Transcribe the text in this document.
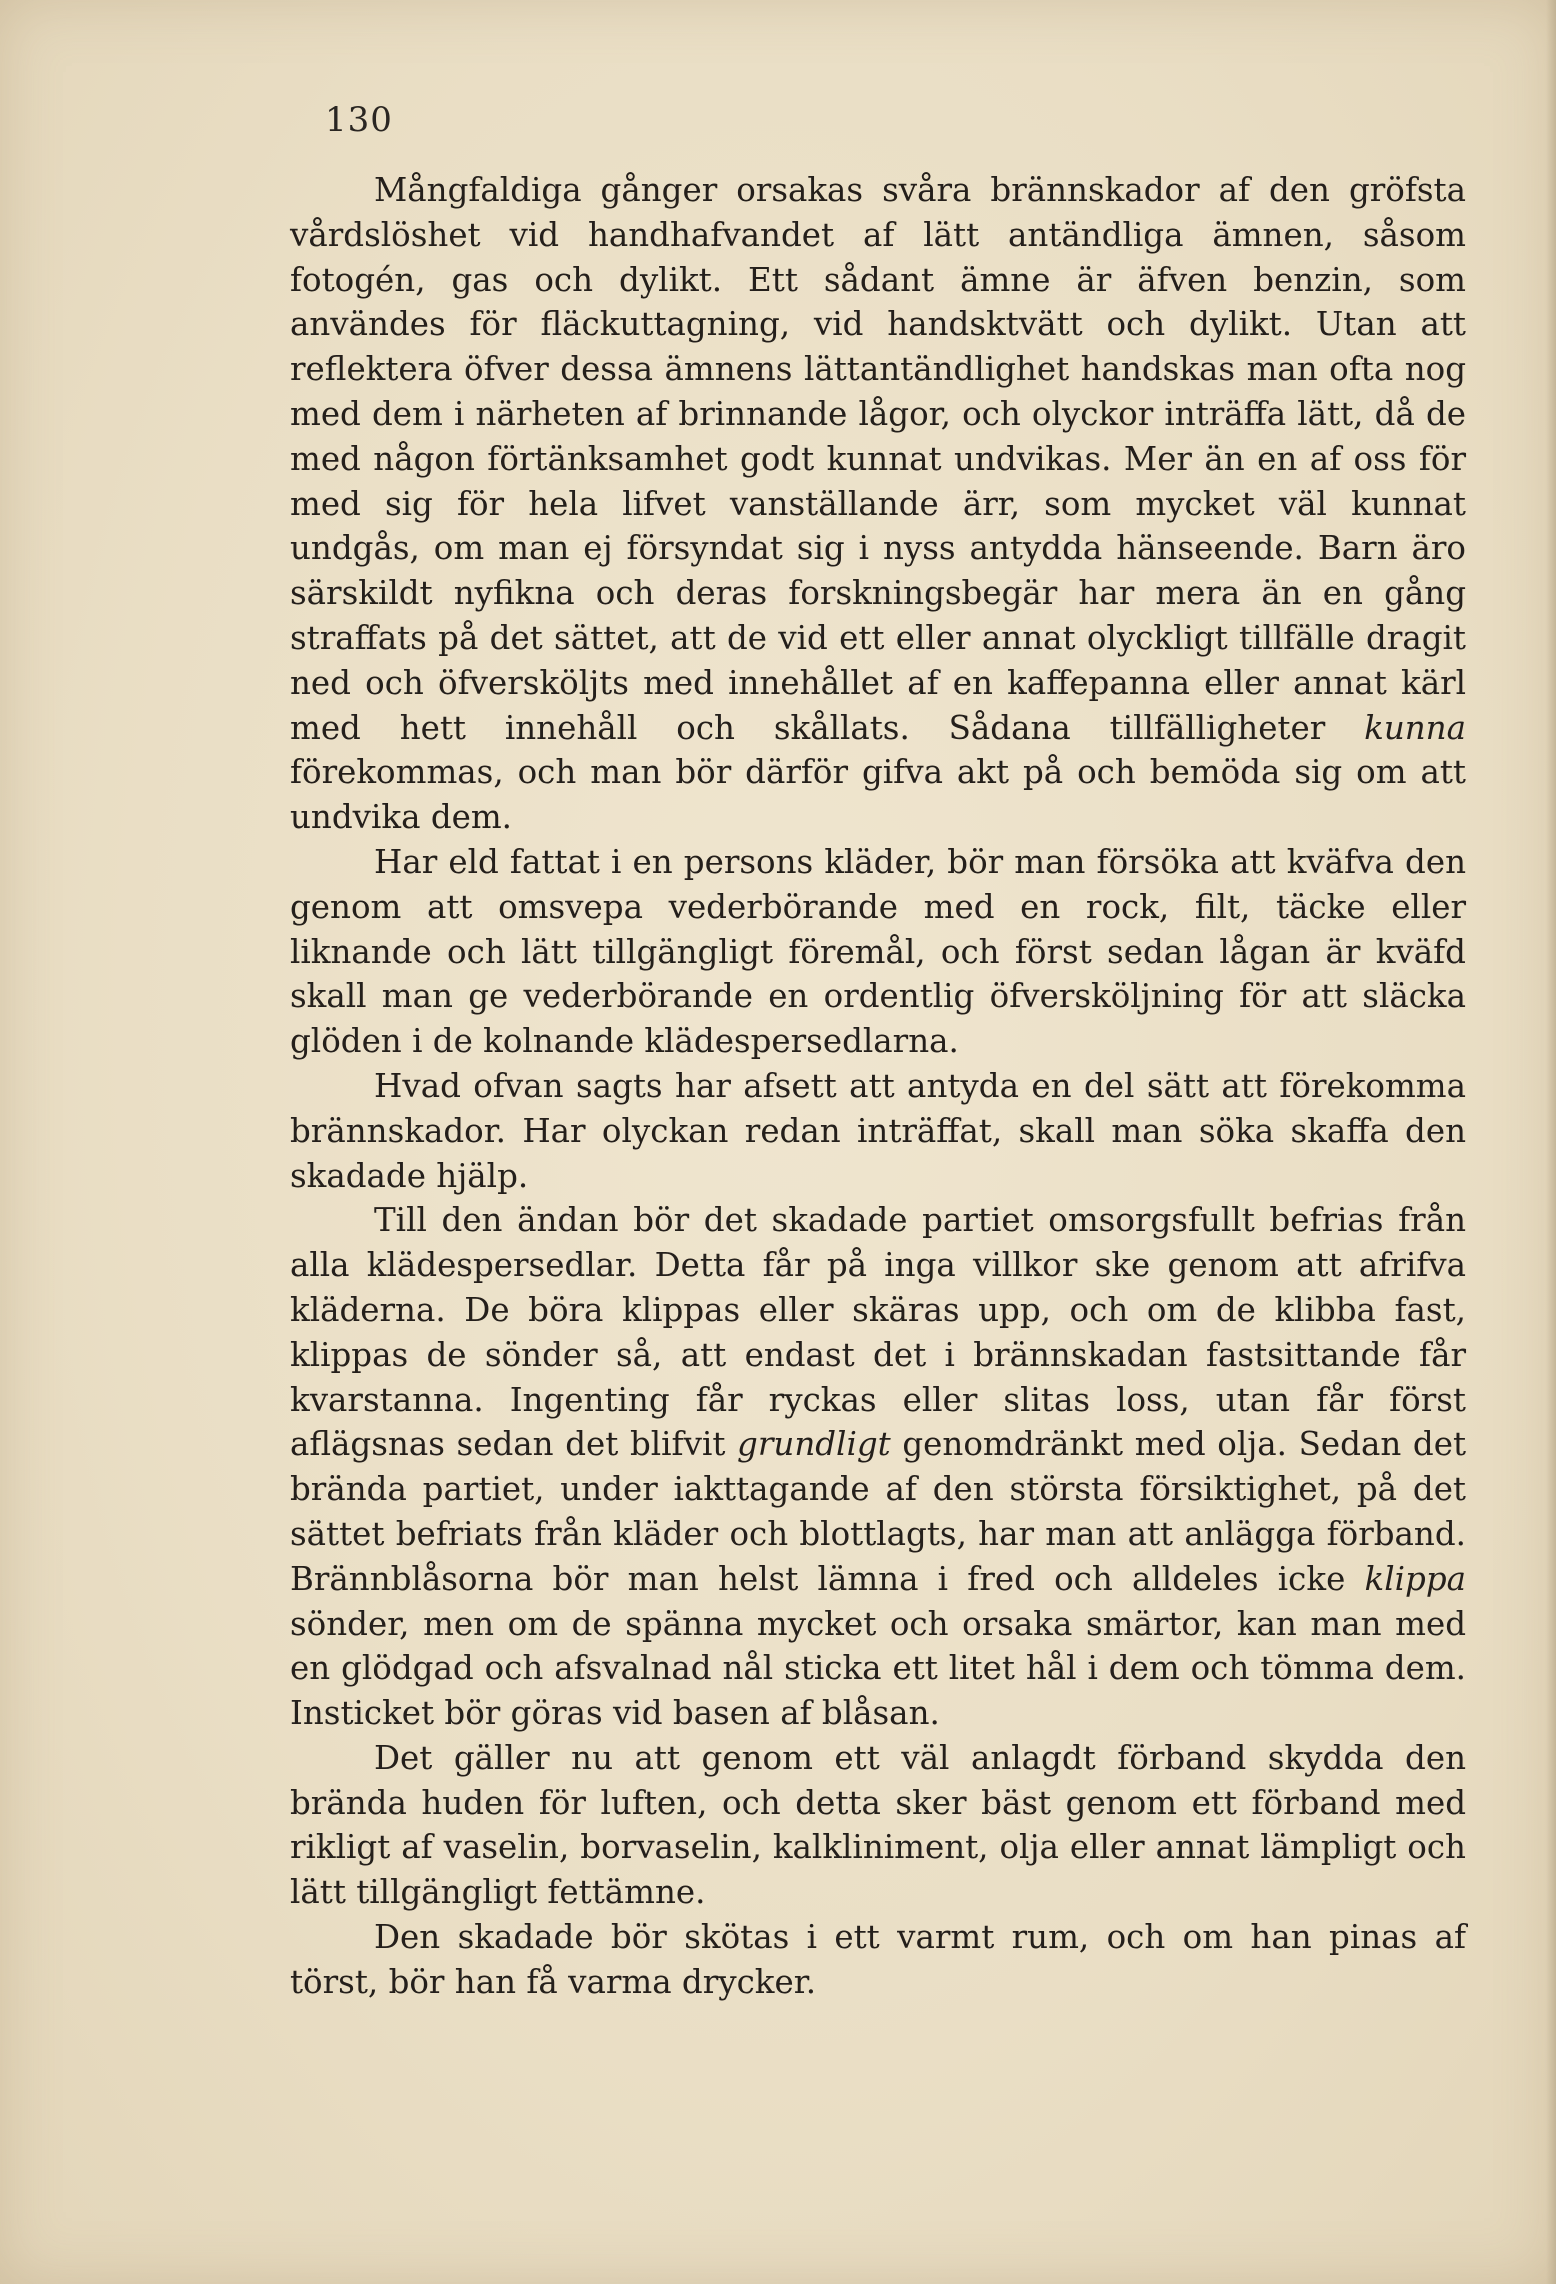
130

Mångfaldiga gånger orsakas svåra brännskador af den gröfsta vårdslöshet vid handhafvandet af lätt antändliga ämnen, såsom fotogén, gas och dylikt. Ett sådant ämne är äfven benzin, som användes för fläckuttagning, vid handsktvätt och dylikt. Utan att reflektera öfver dessa ämnens lättantändlighet handskas man ofta nog med dem i närheten af brinnande lågor, och olyckor inträffa lätt, då de med någon förtänksamhet godt kunnat undvikas. Mer än en af oss för med sig för hela lifvet vanställande ärr, som mycket väl kunnat undgås, om man ej försyndat sig i nyss antydda hänseende. Barn äro särskildt nyfikna och deras forskningsbegär har mera än en gång straffats på det sättet, att de vid ett eller annat olyckligt tillfälle dragit ned och öfversköljts med innehållet af en kaffepanna eller annat kärl med hett innehåll och skållats. Sådana tillfälligheter kunna förekommas, och man bör därför gifva akt på och bemöda sig om att undvika dem.

Har eld fattat i en persons kläder, bör man försöka att kväfva den genom att omsvepa vederbörande med en rock, filt, täcke eller liknande och lätt tillgängligt föremål, och först sedan lågan är kväfd skall man ge vederbörande en ordentlig öfversköljning för att släcka glöden i de kolnande klädespersedlarna.

Hvad ofvan sagts har afsett att antyda en del sätt att förekomma brännskador. Har olyckan redan inträffat, skall man söka skaffa den skadade hjälp.

Till den ändan bör det skadade partiet omsorgsfullt befrias från alla klädespersedlar. Detta får på inga villkor ske genom att afrifva kläderna. De böra klippas eller skäras upp, och om de klibba fast, klippas de sönder så, att endast det i brännskadan fastsittande får kvarstanna. Ingenting får ryckas eller slitas loss, utan får först aflägsnas sedan det blifvit grundligt genomdränkt med olja. Sedan det brända partiet, under iakttagande af den största försiktighet, på det sättet befriats från kläder och blottlagts, har man att anlägga förband. Brännblåsorna bör man helst lämna i fred och alldeles icke klippa sönder, men om de spänna mycket och orsaka smärtor, kan man med en glödgad och afsvalnad nål sticka ett litet hål i dem och tömma dem. Insticket bör göras vid basen af blåsan.

Det gäller nu att genom ett väl anlagdt förband skydda den brända huden för luften, och detta sker bäst genom ett förband med rikligt af vaselin, borvaselin, kalkliniment, olja eller annat lämpligt och lätt tillgängligt fettämne.

Den skadade bör skötas i ett varmt rum, och om han pinas af törst, bör han få varma drycker.
